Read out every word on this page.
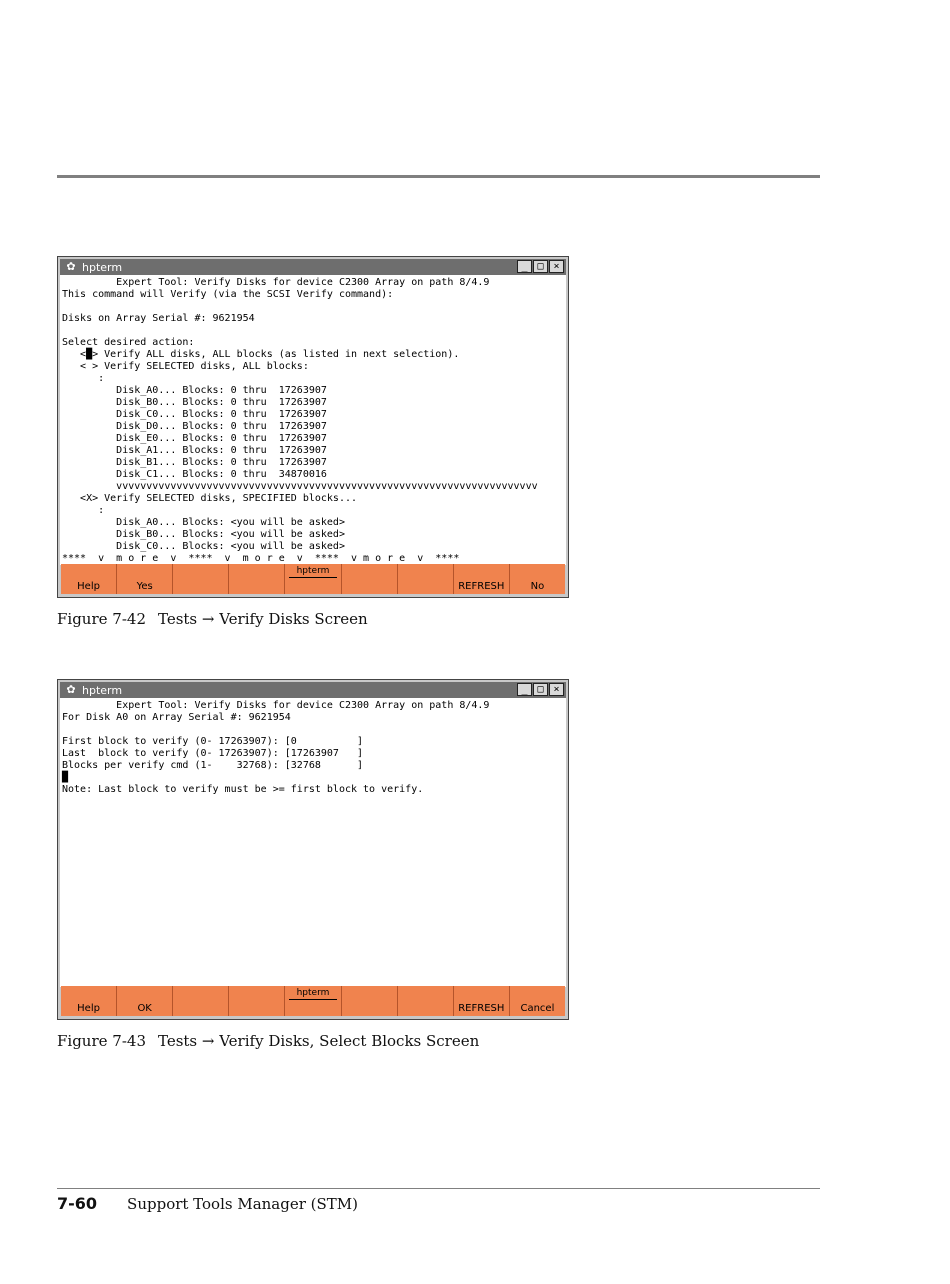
✿ hpterm	_ □ ×
Expert Tool: Verify Disks for device C2300 Array on path 8/4.9
This command will Verify (via the SCSI Verify command):
Disks on Array Serial #: 9621954
Select desired action:
<█> Verify ALL disks, ALL blocks (as listed in next selection).
< > Verify SELECTED disks, ALL blocks:
:
Disk_A0... Blocks: 0 thru  17263907
Disk_B0... Blocks: 0 thru  17263907
Disk_C0... Blocks: 0 thru  17263907
Disk_D0... Blocks: 0 thru  17263907
Disk_E0... Blocks: 0 thru  17263907
Disk_A1... Blocks: 0 thru  17263907
Disk_B1... Blocks: 0 thru  17263907
Disk_C1... Blocks: 0 thru  34870016
vvvvvvvvvvvvvvvvvvvvvvvvvvvvvvvvvvvvvvvvvvvvvvvvvvvvvvvvvvvvvvvvvvvvvv
<X> Verify SELECTED disks, SPECIFIED blocks...
:
Disk_A0... Blocks: <you will be asked>
Disk_B0... Blocks: <you will be asked>
Disk_C0... Blocks: <you will be asked>
****  v  m o r e  v  ****  v  m o r e  v  ****  v m o r e  v  ****
Help	Yes
hpterm
REFRESH	No
Figure 7-42 Tests → Verify Disks Screen
✿ hpterm	_ □ ×
Expert Tool: Verify Disks for device C2300 Array on path 8/4.9
For Disk A0 on Array Serial #: 9621954
First block to verify (0- 17263907): [0          ]
Last  block to verify (0- 17263907): [17263907   ]
Blocks per verify cmd (1-    32768): [32768      ]
█
Note: Last block to verify must be >= first block to verify.
Help	OK
hpterm
REFRESH	Cancel
Figure 7-43 Tests → Verify Disks, Select Blocks Screen
7-60 Support Tools Manager (STM)
